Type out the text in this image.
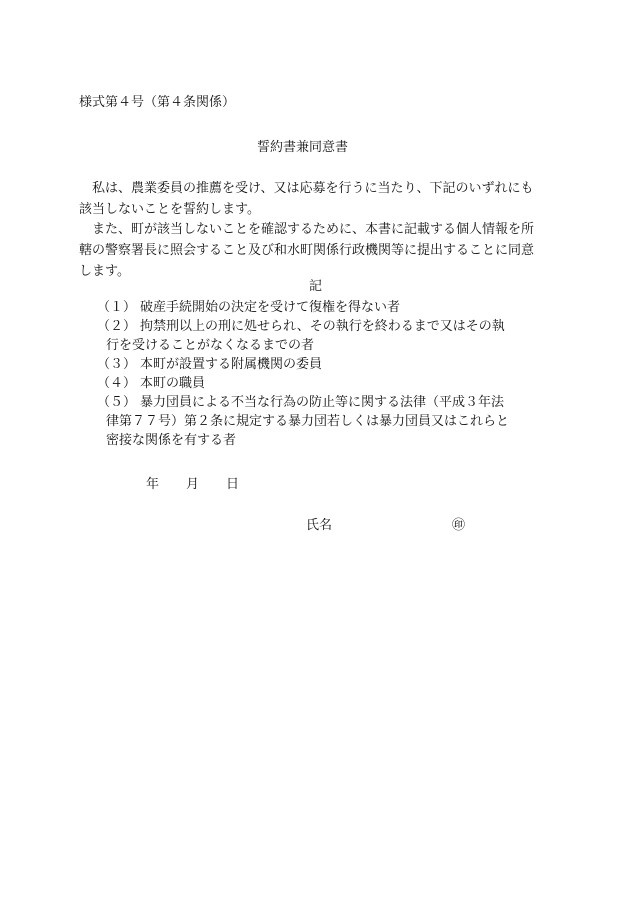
様式第４号（第４条関係）
誓約書兼同意書

　私は、農業委員の推薦を受け、又は応募を行うに当たり、下記のいずれにも

該当しないことを誓約します。

　また、町が該当しないことを確認するために、本書に記載する個人情報を所

轄の警察署長に照会すること及び和水町関係行政機関等に提出することに同意

します。

記
（１） 破産手続開始の決定を受けて復権を得ない者
（２） 拘禁刑以上の刑に処せられ、その執行を終わるまで又はその執
行を受けることがなくなるまでの者
（３） 本町が設置する附属機関の委員
（４） 本町の職員
（５） 暴力団員による不当な行為の防止等に関する法律（平成３年法
律第７７号）第２条に規定する暴力団若しくは暴力団員又はこれらと
密接な関係を有する者
年 月 日
氏名	㊞
